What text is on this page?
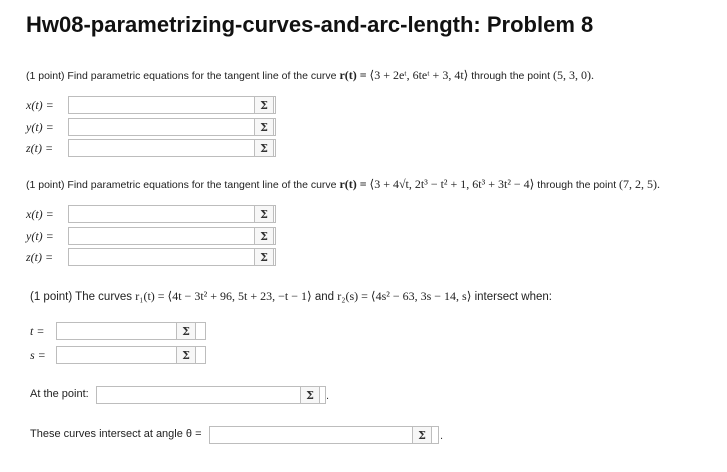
Hw08-parametrizing-curves-and-arc-length: Problem 8
(1 point) Find parametric equations for the tangent line of the curve r(t) = ⟨3 + 2eᵗ, 6teᵗ + 3, 4t⟩ through the point (5, 3, 0).
x(t) =	Σ
y(t) =	Σ
z(t) =	Σ
(1 point) Find parametric equations for the tangent line of the curve r(t) = ⟨3 + 4√t, 2t³ − t² + 1, 6t³ + 3t² − 4⟩ through the point (7, 2, 5).
x(t) =	Σ
y(t) =	Σ
z(t) =	Σ
(1 point) The curves r₁(t) = ⟨4t − 3t² + 96, 5t + 23, −t − 1⟩ and r₂(s) = ⟨4s² − 63, 3s − 14, s⟩ intersect when:
t =	Σ
s =	Σ
At the point:	Σ	.
These curves intersect at angle θ =	Σ	.
